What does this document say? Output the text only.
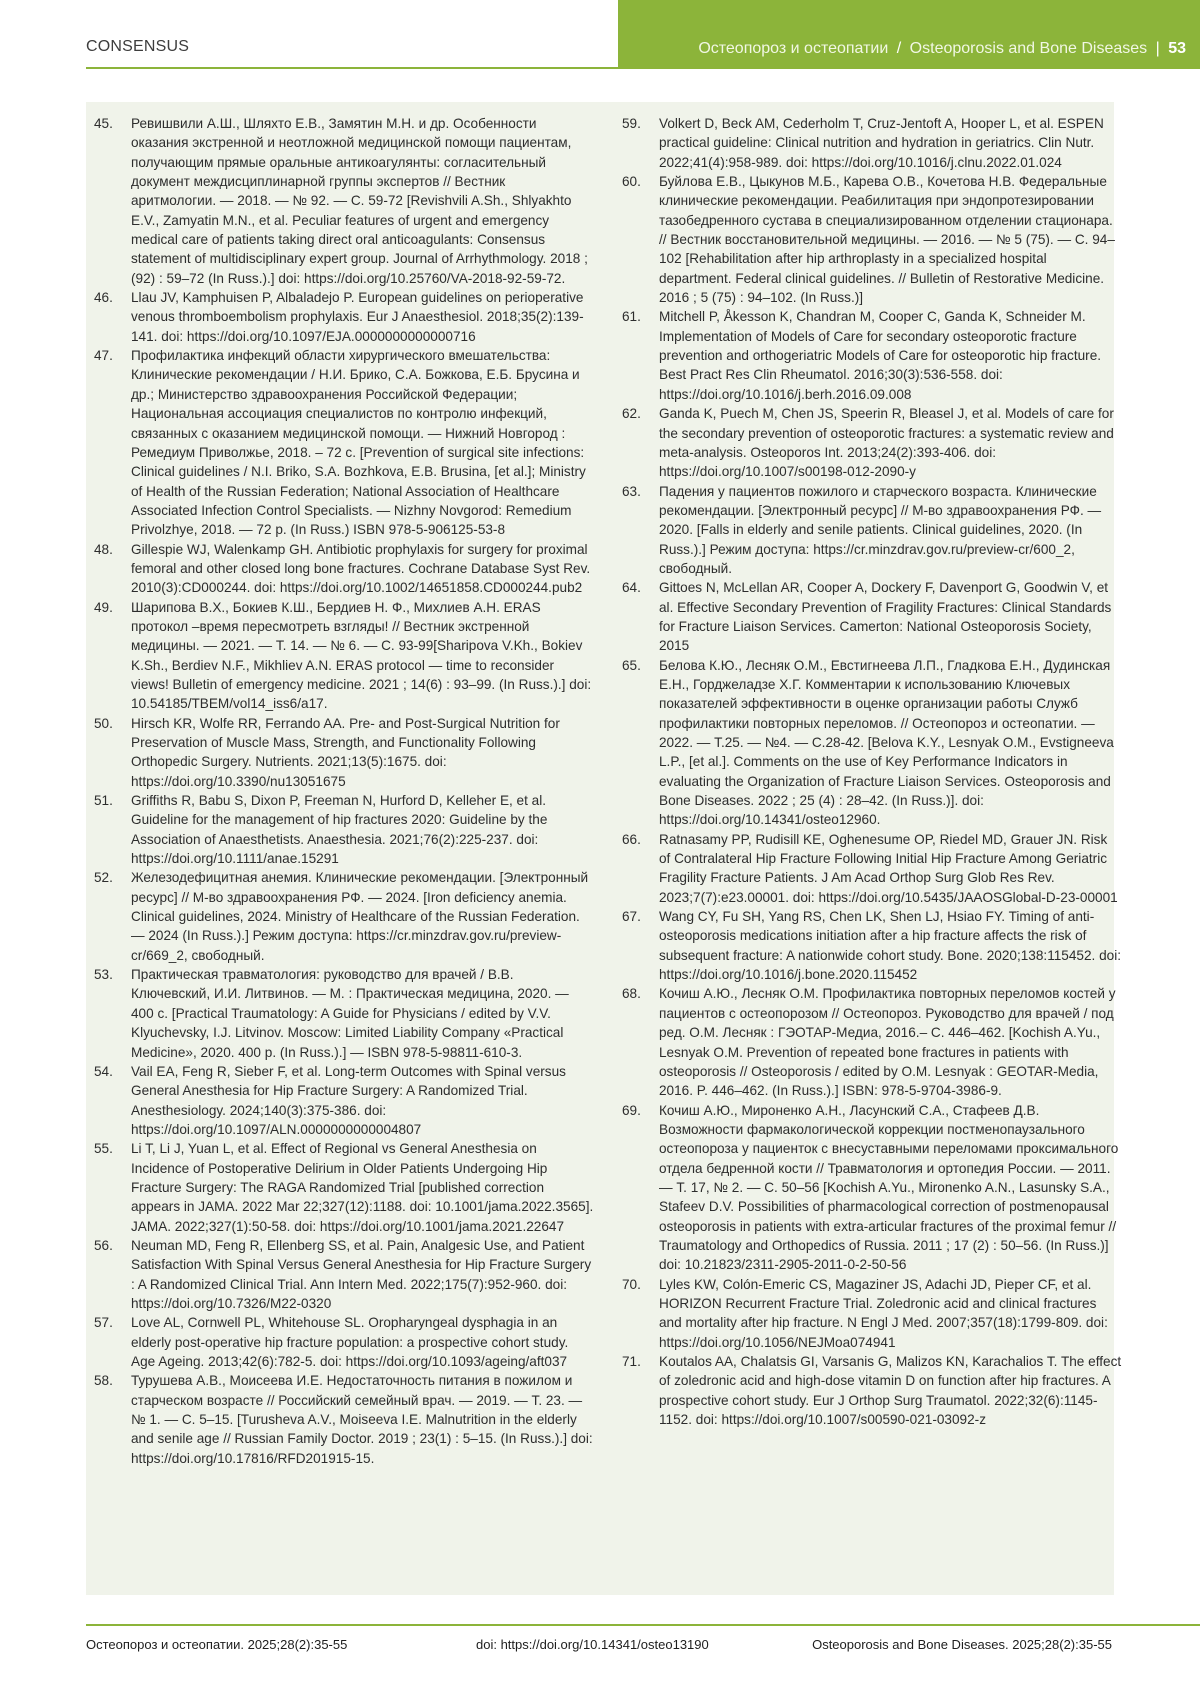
CONSENSUS	Остеопороз и остеопатии / Osteoporosis and Bone Diseases | 53
45. Ревишвили А.Ш., Шляхто Е.В., Замятин М.Н. и др. Особенности оказания экстренной и неотложной медицинской помощи пациентам, получающим прямые оральные антикоагулянты: согласительный документ междисциплинарной группы экспертов // Вестник аритмологии. — 2018. — № 92. — С. 59-72 [Revishvili A.Sh., Shlyakhto E.V., Zamyatin M.N., et al. Peculiar features of urgent and emergency medical care of patients taking direct oral anticoagulants: Consensus statement of multidisciplinary expert group. Journal of Arrhythmology. 2018 ; (92) : 59–72 (In Russ.).] doi: https://doi.org/10.25760/VA-2018-92-59-72.
46. Llau JV, Kamphuisen P, Albaladejo P. European guidelines on perioperative venous thromboembolism prophylaxis. Eur J Anaesthesiol. 2018;35(2):139-141. doi: https://doi.org/10.1097/EJA.0000000000000716
47. Профилактика инфекций области хирургического вмешательства: Клинические рекомендации / Н.И. Брико, С.А. Божкова, Е.Б. Брусина и др.; Министерство здравоохранения Российской Федерации; Национальная ассоциация специалистов по контролю инфекций, связанных с оказанием медицинской помощи. — Нижний Новгород : Ремедиум Приволжье, 2018. – 72 с. [Prevention of surgical site infections: Clinical guidelines / N.I. Briko, S.A. Bozhkova, E.B. Brusina, [et al.]; Ministry of Health of the Russian Federation; National Association of Healthcare Associated Infection Control Specialists. — Nizhny Novgorod: Remedium Privolzhye, 2018. — 72 p. (In Russ.) ISBN 978-5-906125-53-8
48. Gillespie WJ, Walenkamp GH. Antibiotic prophylaxis for surgery for proximal femoral and other closed long bone fractures. Cochrane Database Syst Rev. 2010(3):CD000244. doi: https://doi.org/10.1002/14651858.CD000244.pub2
49. Шарипова В.Х., Бокиев К.Ш., Бердиев Н. Ф., Михлиев А.Н. ERAS протокол –время пересмотреть взгляды! // Вестник экстренной медицины. — 2021. — Т. 14. — № 6. — С. 93-99[Sharipova V.Kh., Bokiev K.Sh., Berdiev N.F., Mikhliev A.N. ERAS protocol — time to reconsider views! Bulletin of emergency medicine. 2021 ; 14(6) : 93–99. (In Russ.).] doi: 10.54185/TBEM/vol14_iss6/a17.
50. Hirsch KR, Wolfe RR, Ferrando AA. Pre- and Post-Surgical Nutrition for Preservation of Muscle Mass, Strength, and Functionality Following Orthopedic Surgery. Nutrients. 2021;13(5):1675. doi: https://doi.org/10.3390/nu13051675
51. Griffiths R, Babu S, Dixon P, Freeman N, Hurford D, Kelleher E, et al. Guideline for the management of hip fractures 2020: Guideline by the Association of Anaesthetists. Anaesthesia. 2021;76(2):225-237. doi: https://doi.org/10.1111/anae.15291
52. Железодефицитная анемия. Клинические рекомендации. [Электронный ресурс] // М-во здравоохранения РФ. — 2024. [Iron deficiency anemia. Clinical guidelines, 2024. Ministry of Healthcare of the Russian Federation. — 2024 (In Russ.).] Режим доступа: https://cr.minzdrav.gov.ru/preview-cr/669_2, свободный.
53. Практическая травматология: руководство для врачей / В.В. Ключевский, И.И. Литвинов. — М. : Практическая медицина, 2020. — 400 с. [Practical Traumatology: A Guide for Physicians / edited by V.V. Klyuchevsky, I.J. Litvinov. Moscow: Limited Liability Company «Practical Medicine», 2020. 400 p. (In Russ.).] — ISBN 978-5-98811-610-3.
54. Vail EA, Feng R, Sieber F, et al. Long-term Outcomes with Spinal versus General Anesthesia for Hip Fracture Surgery: A Randomized Trial. Anesthesiology. 2024;140(3):375-386. doi: https://doi.org/10.1097/ALN.0000000000004807
55. Li T, Li J, Yuan L, et al. Effect of Regional vs General Anesthesia on Incidence of Postoperative Delirium in Older Patients Undergoing Hip Fracture Surgery: The RAGA Randomized Trial [published correction appears in JAMA. 2022 Mar 22;327(12):1188. doi: 10.1001/jama.2022.3565]. JAMA. 2022;327(1):50-58. doi: https://doi.org/10.1001/jama.2021.22647
56. Neuman MD, Feng R, Ellenberg SS, et al. Pain, Analgesic Use, and Patient Satisfaction With Spinal Versus General Anesthesia for Hip Fracture Surgery : A Randomized Clinical Trial. Ann Intern Med. 2022;175(7):952-960. doi: https://doi.org/10.7326/M22-0320
57. Love AL, Cornwell PL, Whitehouse SL. Oropharyngeal dysphagia in an elderly post-operative hip fracture population: a prospective cohort study. Age Ageing. 2013;42(6):782-5. doi: https://doi.org/10.1093/ageing/aft037
58. Турушева А.В., Моисеева И.Е. Недостаточность питания в пожилом и старческом возрасте // Российский семейный врач. — 2019. — Т. 23. — № 1. — С. 5–15. [Turusheva A.V., Moiseeva I.E. Malnutrition in the elderly and senile age // Russian Family Doctor. 2019 ; 23(1) : 5–15. (In Russ.).] doi: https://doi.org/10.17816/RFD201915-15.
59. Volkert D, Beck AM, Cederholm T, Cruz-Jentoft A, Hooper L, et al. ESPEN practical guideline: Clinical nutrition and hydration in geriatrics. Clin Nutr. 2022;41(4):958-989. doi: https://doi.org/10.1016/j.clnu.2022.01.024
60. Буйлова Е.В., Цыкунов М.Б., Карева О.В., Кочетова Н.В. Федеральные клинические рекомендации. Реабилитация при эндопротезировании тазобедренного сустава в специализированном отделении стационара. // Вестник восстановительной медицины. — 2016. — № 5 (75). — С. 94–102 [Rehabilitation after hip arthroplasty in a specialized hospital department. Federal clinical guidelines. // Bulletin of Restorative Medicine. 2016 ; 5 (75) : 94–102. (In Russ.)]
61. Mitchell P, Åkesson K, Chandran M, Cooper C, Ganda K, Schneider M. Implementation of Models of Care for secondary osteoporotic fracture prevention and orthogeriatric Models of Care for osteoporotic hip fracture. Best Pract Res Clin Rheumatol. 2016;30(3):536-558. doi: https://doi.org/10.1016/j.berh.2016.09.008
62. Ganda K, Puech M, Chen JS, Speerin R, Bleasel J, et al. Models of care for the secondary prevention of osteoporotic fractures: a systematic review and meta-analysis. Osteoporos Int. 2013;24(2):393-406. doi: https://doi.org/10.1007/s00198-012-2090-y
63. Падения у пациентов пожилого и старческого возраста. Клинические рекомендации. [Электронный ресурс] // М-во здравоохранения РФ. — 2020. [Falls in elderly and senile patients. Clinical guidelines, 2020. (In Russ.).] Режим доступа: https://cr.minzdrav.gov.ru/preview-cr/600_2, свободный.
64. Gittoes N, McLellan AR, Cooper A, Dockery F, Davenport G, Goodwin V, et al. Effective Secondary Prevention of Fragility Fractures: Clinical Standards for Fracture Liaison Services. Camerton: National Osteoporosis Society, 2015
65. Белова К.Ю., Лесняк О.М., Евстигнеева Л.П., Гладкова Е.Н., Дудинская Е.Н., Горджеладзе Х.Г. Комментарии к использованию Ключевых показателей эффективности в оценке организации работы Служб профилактики повторных переломов. // Остеопороз и остеопатии. —2022. — Т.25. — №4. — С.28-42. [Belova K.Y., Lesnyak O.M., Evstigneeva L.P., [et al.]. Comments on the use of Key Performance Indicators in evaluating the Organization of Fracture Liaison Services. Osteoporosis and Bone Diseases. 2022 ; 25 (4) : 28–42. (In Russ.)]. doi: https://doi.org/10.14341/osteo12960.
66. Ratnasamy PP, Rudisill KE, Oghenesume OP, Riedel MD, Grauer JN. Risk of Contralateral Hip Fracture Following Initial Hip Fracture Among Geriatric Fragility Fracture Patients. J Am Acad Orthop Surg Glob Res Rev. 2023;7(7):e23.00001. doi: https://doi.org/10.5435/JAAOSGlobal-D-23-00001
67. Wang CY, Fu SH, Yang RS, Chen LK, Shen LJ, Hsiao FY. Timing of anti-osteoporosis medications initiation after a hip fracture affects the risk of subsequent fracture: A nationwide cohort study. Bone. 2020;138:115452. doi: https://doi.org/10.1016/j.bone.2020.115452
68. Кочиш А.Ю., Лесняк О.М. Профилактика повторных переломов костей у пациентов с остеопорозом // Остеопороз. Руководство для врачей / под ред. О.М. Лесняк : ГЭОТАР-Медиа, 2016.– С. 446–462. [Kochish A.Yu., Lesnyak O.M. Prevention of repeated bone fractures in patients with osteoporosis // Osteoporosis / edited by O.M. Lesnyak : GEOTAR-Media, 2016. P. 446–462. (In Russ.).] ISBN: 978-5-9704-3986-9.
69. Кочиш А.Ю., Мироненко А.Н., Ласунский С.А., Стафеев Д.В. Возможности фармакологической коррекции постменопаузального остеопороза у пациенток с внесуставными переломами проксимального отдела бедренной кости // Травматология и ортопедия России. — 2011. — Т. 17, № 2. — С. 50–56 [Kochish A.Yu., Mironenko A.N., Lasunsky S.A., Stafeev D.V. Possibilities of pharmacological correction of postmenopausal osteoporosis in patients with extra-articular fractures of the proximal femur // Traumatology and Orthopedics of Russia. 2011 ; 17 (2) : 50–56. (In Russ.)] doi: 10.21823/2311-2905-2011-0-2-50-56
70. Lyles KW, Colón-Emeric CS, Magaziner JS, Adachi JD, Pieper CF, et al. HORIZON Recurrent Fracture Trial. Zoledronic acid and clinical fractures and mortality after hip fracture. N Engl J Med. 2007;357(18):1799-809. doi: https://doi.org/10.1056/NEJMoa074941
71. Koutalos AA, Chalatsis GI, Varsanis G, Malizos KN, Karachalios T. The effect of zoledronic acid and high-dose vitamin D on function after hip fractures. A prospective cohort study. Eur J Orthop Surg Traumatol. 2022;32(6):1145-1152. doi: https://doi.org/10.1007/s00590-021-03092-z
Остеопороз и остеопатии. 2025;28(2):35-55	doi: https://doi.org/10.14341/osteo13190	Osteoporosis and Bone Diseases. 2025;28(2):35-55
